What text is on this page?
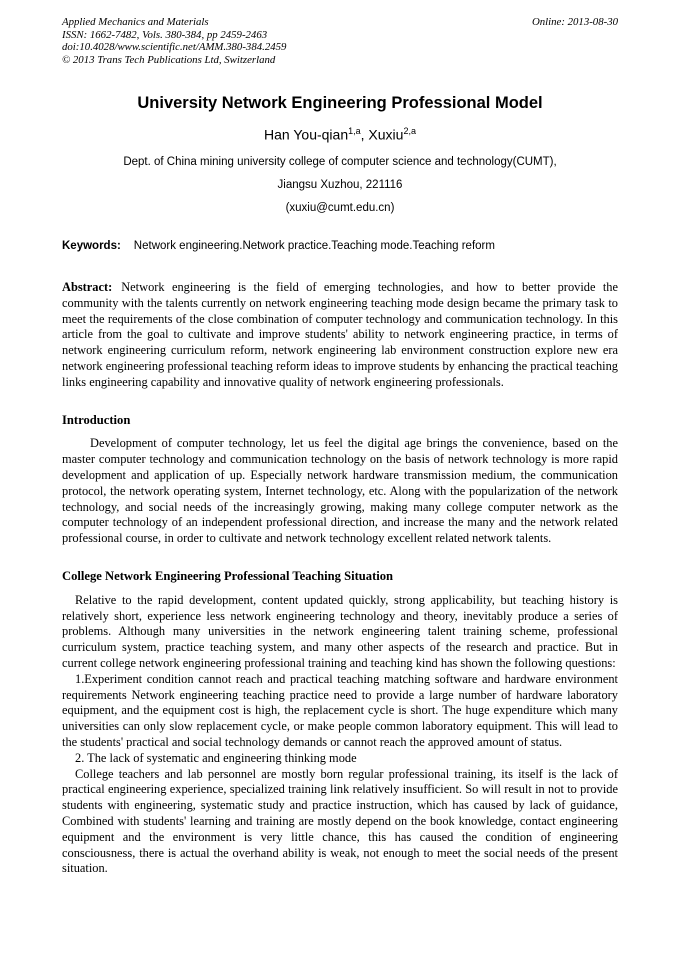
Applied Mechanics and Materials
ISSN: 1662-7482, Vols. 380-384, pp 2459-2463
doi:10.4028/www.scientific.net/AMM.380-384.2459
© 2013 Trans Tech Publications Ltd, Switzerland
Online: 2013-08-30
University Network Engineering Professional Model
Han You-qian$^{1,a}$, Xuxiu$^{2,a}$
Dept. of China mining university college of computer science and technology(CUMT),
Jiangsu Xuzhou, 221116
(xuxiu@cumt.edu.cn)
Keywords: Network engineering.Network practice.Teaching mode.Teaching reform

Abstract: Network engineering is the field of emerging technologies, and how to better provide the community with the talents currently on network engineering teaching mode design became the primary task to meet the requirements of the close combination of computer technology and communication technology. In this article from the goal to cultivate and improve students' ability to network engineering practice, in terms of network engineering curriculum reform, network engineering lab environment construction explore new era network engineering professional teaching reform ideas to improve students by enhancing the practical teaching links engineering capability and innovative quality of network engineering professionals.

Introduction

Development of computer technology, let us feel the digital age brings the convenience, based on the master computer technology and communication technology on the basis of network technology is more rapid development and application of up. Especially network hardware transmission medium, the communication protocol, the network operating system, Internet technology, etc. Along with the popularization of the network technology, and social needs of the increasingly growing, making many college computer network as the computer technology of an independent professional direction, and increase the many and the network related professional course, in order to cultivate and network technology excellent related network talents.

College Network Engineering Professional Teaching Situation

Relative to the rapid development, content updated quickly, strong applicability, but teaching history is relatively short, experience less network engineering technology and theory, inevitably produce a series of problems. Although many universities in the network engineering talent training scheme, professional curriculum system, practice teaching system, and many other aspects of the research and practice. But in current college network engineering professional training and teaching kind has shown the following questions:

1.Experiment condition cannot reach and practical teaching matching software and hardware environment requirements Network engineering teaching practice need to provide a large number of hardware laboratory equipment, and the equipment cost is high, the replacement cycle is short. The huge expenditure which many universities can only slow replacement cycle, or make people common laboratory equipment. This will lead to the students' practical and social technology demands or cannot reach the approved amount of status.

2. The lack of systematic and engineering thinking mode

College teachers and lab personnel are mostly born regular professional training, its itself is the lack of practical engineering experience, specialized training link relatively insufficient. So will result in not to provide students with engineering, systematic study and practice instruction, which has caused by lack of guidance, Combined with students' learning and training are mostly depend on the book knowledge, contact engineering equipment and the environment is very little chance, this has caused the condition of engineering consciousness, there is actual the overhand ability is weak, not enough to meet the social needs of the present situation.
